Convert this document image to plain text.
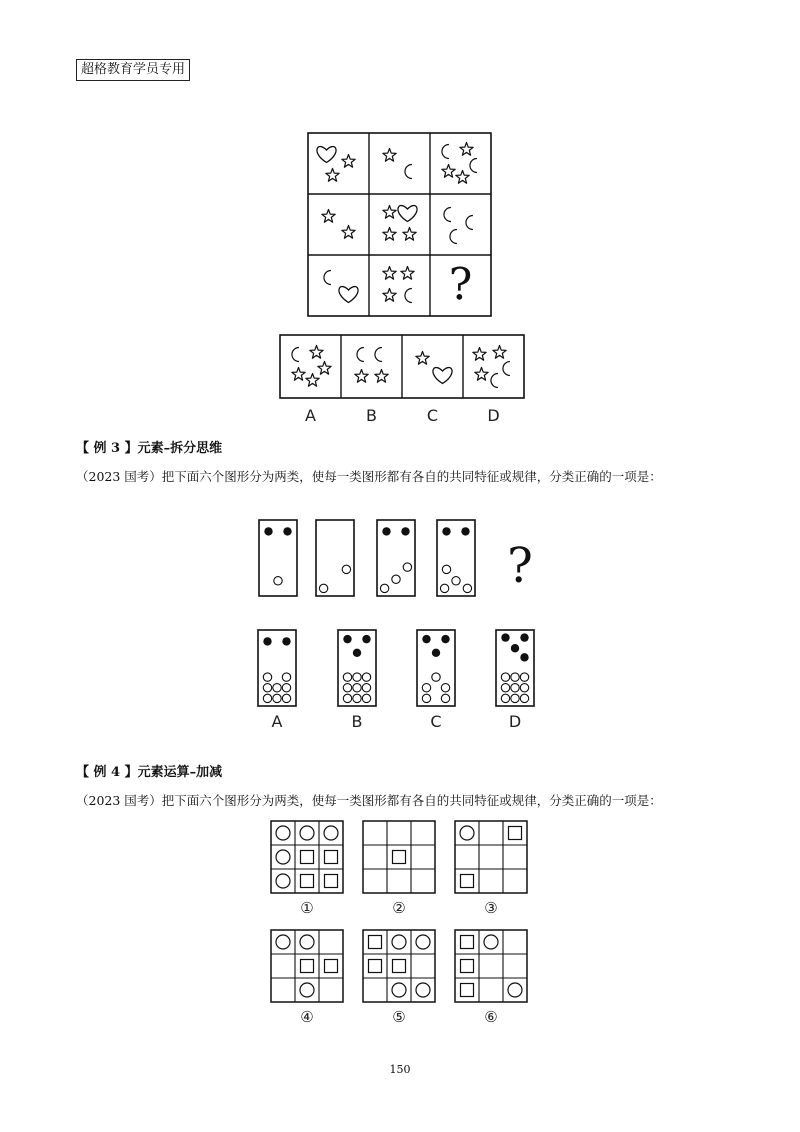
超格教育学员专用
?
A	B	C	D
【 例 3 】元素–拆分思维
（2023 国考）把下面六个图形分为两类，使每一类图形都有各自的共同特征或规律，分类正确的一项是：
?
A	B	C	D
【 例 4 】元素运算–加减
（2023 国考）把下面六个图形分为两类，使每一类图形都有各自的共同特征或规律，分类正确的一项是：
①	②	③
④	⑤	⑥
150
